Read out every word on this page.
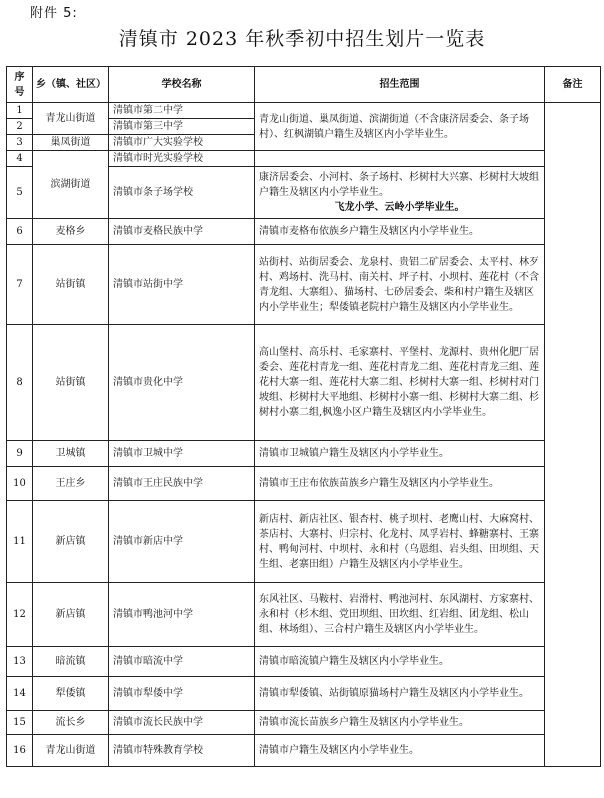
附件 5:
清镇市 2023 年秋季初中招生划片一览表
序号	乡（镇、社区）	学校名称	招生范围	备注
1	青龙山街道	清镇市第二中学	青龙山街道、巢凤街道、滨湖街道（不含康济居委会、条子场村）、红枫湖镇户籍生及辖区内小学毕业生。	
2		清镇市第三中学		
3	巢凤街道	清镇市广大实验学校		
4	滨湖街道	清镇市时光实验学校		
5		清镇市条子场学校	康济居委会、小河村、条子场村、杉树村大兴寨、杉树村大坡组户籍生及辖区内小学毕业生。
飞龙小学、云岭小学毕业生。	

6	麦格乡	清镇市麦格民族中学	清镇市麦格布依族乡户籍生及辖区内小学毕业生。	
7	站街镇	清镇市站街中学	站街村、站街居委会、龙泉村、贵铝二矿居委会、太平村、林歹村、鸡场村、洗马村、南关村、坪子村、小坝村、莲花村（不含青龙组、大寨组）、猫场村、七砂居委会、柴和村户籍生及辖区内小学毕业生；犁倭镇老院村户籍生及辖区内小学毕业生。	
8	站街镇	清镇市贵化中学	高山堡村、高乐村、毛家寨村、平堡村、龙源村、贵州化肥厂居委会、莲花村青龙一组、莲花村青龙二组、莲花村青龙三组、莲花村大寨一组、莲花村大寨二组、杉树村大寨一组、杉树村对门坡组、杉树村大平地组、杉树村小寨一组、杉树村大寨二组、杉树村小寨二组,枫逸小区户籍生及辖区内小学毕业生。	
9	卫城镇	清镇市卫城中学	清镇市卫城镇户籍生及辖区内小学毕业生。	
10	王庄乡	清镇市王庄民族中学	清镇市王庄布依族苗族乡户籍生及辖区内小学毕业生。	
11	新店镇	清镇市新店中学	新店村、新店社区、银杏村、桃子坝村、老鹰山村、大麻窝村、茶店村、大寨村、归宗村、化龙村、凤孚岩村、蜂糖寨村、王寨村、鸭甸河村、中坝村、永和村（乌恩组、岩头组、田坝组、天生组、老寨田组）户籍生及辖区内小学毕业生。	
12	新店镇	清镇市鸭池河中学	东风社区、马鞍村、岩滑村、鸭池河村、东风湖村、方家寨村、永和村（杉木组、党田坝组、田坎组、红岩组、团龙组、松山组、林场组）、三合村户籍生及辖区内小学毕业生。	
13	暗流镇	清镇市暗流中学	清镇市暗流镇户籍生及辖区内小学毕业生。	
14	犁倭镇	清镇市犁倭中学	清镇市犁倭镇、站街镇原猫场村户籍生及辖区内小学毕业生。	
15	流长乡	清镇市流长民族中学	清镇市流长苗族乡户籍生及辖区内小学毕业生。	
16	青龙山街道	清镇市特殊教育学校	清镇市户籍生及辖区内小学毕业生。	
